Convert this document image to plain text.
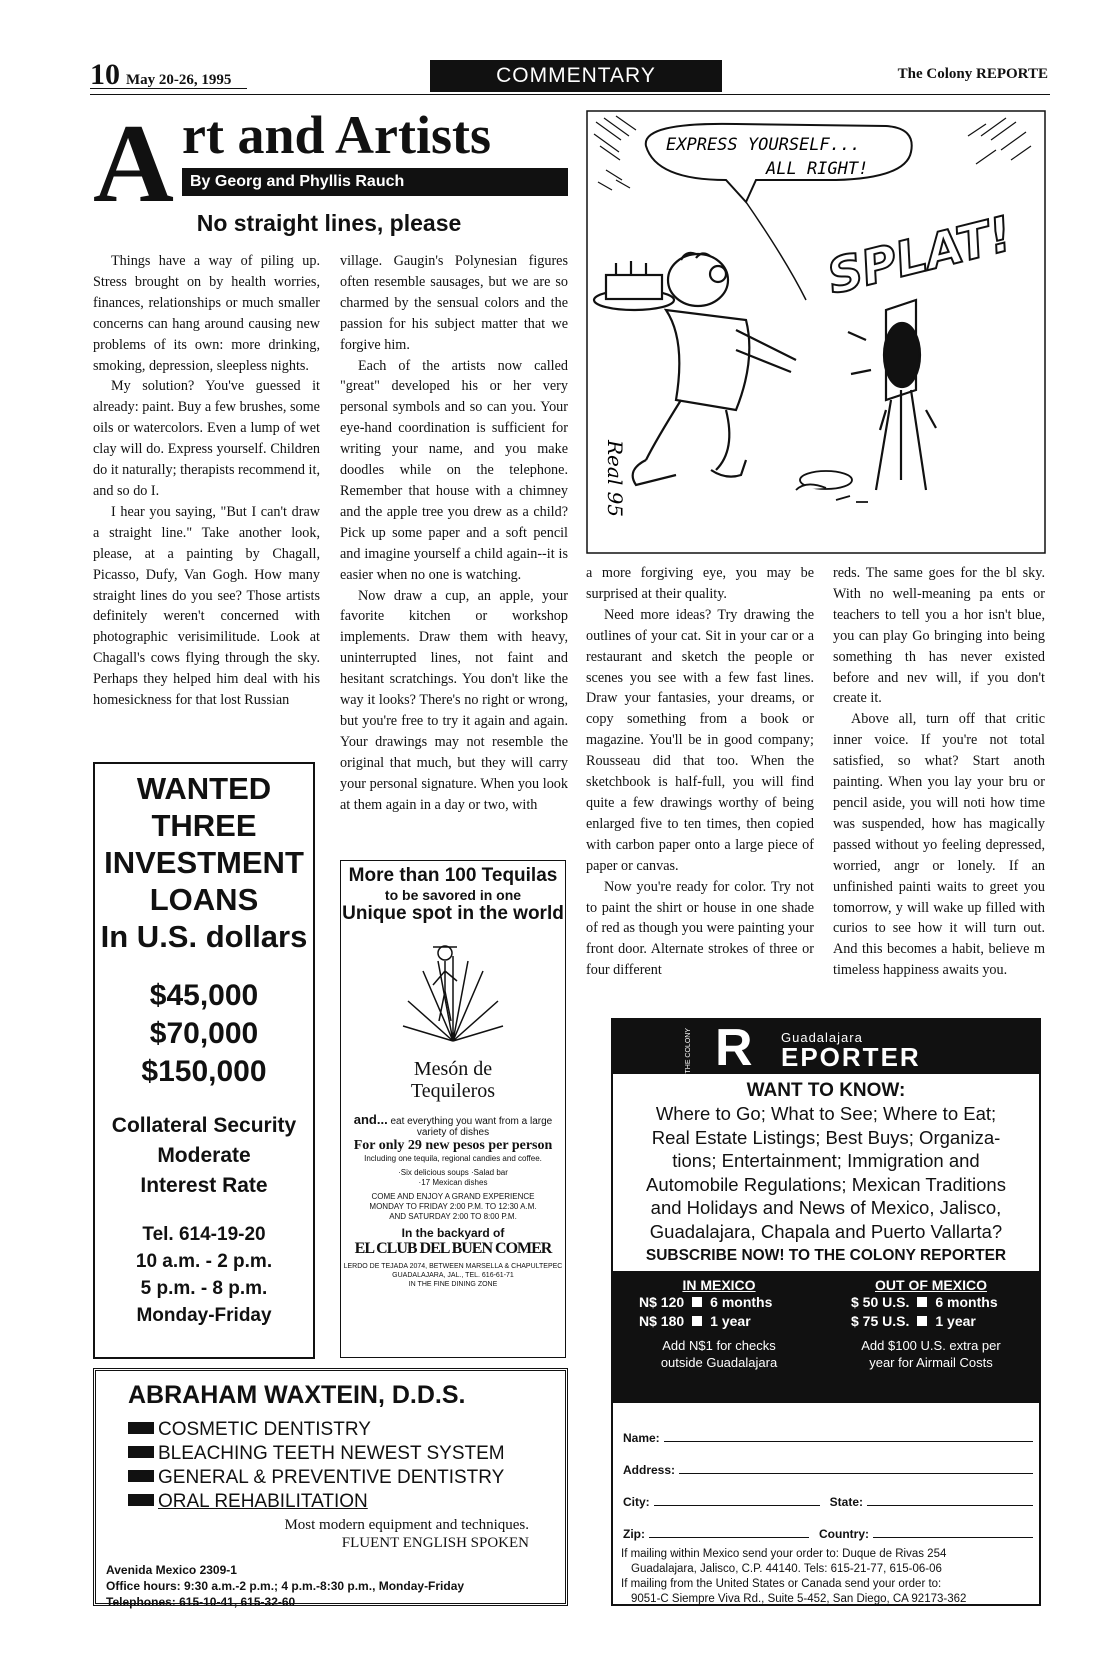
10 May 20-26, 1995	COMMENTARY	The Colony REPORTE
A rt and Artists
By Georg and Phyllis Rauch
No straight lines, please

Things have a way of piling up. Stress brought on by health worries, finances, relationships or much smaller concerns can hang around causing new problems of its own: more drinking, smoking, depression, sleepless nights.

My solution? You've guessed it already: paint. Buy a few brushes, some oils or watercolors. Even a lump of wet clay will do. Express yourself. Children do it naturally; therapists recommend it, and so do I.

I hear you saying, "But I can't draw a straight line." Take another look, please, at a painting by Chagall, Picasso, Dufy, Van Gogh. How many straight lines do you see? Those artists definitely weren't concerned with photographic verisimilitude. Look at Chagall's cows flying through the sky. Perhaps they helped him deal with his homesickness for that lost Russian

village. Gaugin's Polynesian figures often resemble sausages, but we are so charmed by the sensual colors and the passion for his subject matter that we forgive him.

Each of the artists now called "great" developed his or her very personal symbols and so can you. Your eye-hand coordination is sufficient for writing your name, and you make doodles while on the telephone. Remember that house with a chimney and the apple tree you drew as a child? Pick up some paper and a soft pencil and imagine yourself a child again--it is easier when no one is watching.

Now draw a cup, an apple, your favorite kitchen or workshop implements. Draw them with heavy, uninterrupted lines, not faint and hesitant scratchings. You don't like the way it looks? There's no right or wrong, but you're free to try it again and again. Your drawings may not resemble the original that much, but they will carry your personal signature. When you look at them again in a day or two, with

a more forgiving eye, you may be surprised at their quality.

Need more ideas? Try drawing the outlines of your cat. Sit in your car or a restaurant and sketch the people or scenes you see with a few fast lines. Draw your fantasies, your dreams, or copy something from a book or magazine. You'll be in good company; Rousseau did that too. When the sketchbook is half-full, you will find quite a few drawings worthy of being enlarged five to ten times, then copied with carbon paper onto a large piece of paper or canvas.

Now you're ready for color. Try not to paint the shirt or house in one shade of red as though you were painting your front door. Alternate strokes of three or four different

reds. The same goes for the bl sky. With no well-meaning pa ents or teachers to tell you a hor isn't blue, you can play Go bringing into being something th has never existed before and nev will, if you don't create it.

Above all, turn off that critic inner voice. If you're not total satisfied, so what? Start anoth painting. When you lay your bru or pencil aside, you will noti how time was suspended, how has magically passed without yo feeling depressed, worried, angr or lonely. If an unfinished painti waits to greet you tomorrow, y will wake up filled with curios to see how it will turn out. And this becomes a habit, believe m timeless happiness awaits you.

EXPRESS YOURSELF...
ALL RIGHT!
SPLAT!
Real 95
WANTED
THREE
INVESTMENT
LOANS
In U.S. dollars
$45,000
$70,000
$150,000
Collateral Security
Moderate
Interest Rate
Tel. 614-19-20
10 a.m. - 2 p.m.
5 p.m. - 8 p.m.
Monday-Friday
More than 100 Tequilas
to be savored in one
Unique spot in the world
Mesón de
Tequileros
and... eat everything you want from a large variety of dishes
For only 29 new pesos per person
Including one tequila, regional candies and coffee.
·Six delicious soups ·Salad bar
·17 Mexican dishes
COME AND ENJOY A GRAND EXPERIENCE
MONDAY TO FRIDAY 2:00 P.M. TO 12:30 A.M.
AND SATURDAY 2:00 TO 8:00 P.M.
In the backyard of
EL CLUB DEL BUEN COMER
LERDO DE TEJADA 2074, BETWEEN MARSELLA & CHAPULTEPEC
GUADALAJARA, JAL., TEL. 616-61-71
IN THE FINE DINING ZONE
ABRAHAM WAXTEIN, D.D.S.
COSMETIC DENTISTRY
BLEACHING TEETH NEWEST SYSTEM
GENERAL & PREVENTIVE DENTISTRY
ORAL REHABILITATION
Most modern equipment and techniques.
FLUENT ENGLISH SPOKEN
Avenida Mexico 2309-1
Office hours: 9:30 a.m.-2 p.m.; 4 p.m.-8:30 p.m., Monday-Friday
Telephones: 615-10-41, 615-32-60
THE COLONY R Guadalajara
EPORTER
WANT TO KNOW:
Where to Go; What to See; Where to Eat;
Real Estate Listings; Best Buys; Organiza-
tions; Entertainment; Immigration and
Automobile Regulations; Mexican Traditions
and Holidays and News of Mexico, Jalisco,
Guadalajara, Chapala and Puerto Vallarta?
SUBSCRIBE NOW! TO THE COLONY REPORTER
IN MEXICO
N$ 120 6 months
N$ 180 1 year
Add N$1 for checks
outside Guadalajara
OUT OF MEXICO
$ 50 U.S. 6 months
$ 75 U.S. 1 year
Add $100 U.S. extra per
year for Airmail Costs
Name:
Address:
City:	State:
Zip:	Country:
If mailing within Mexico send your order to: Duque de Rivas 254
Guadalajara, Jalisco, C.P. 44140. Tels: 615-21-77, 615-06-06
If mailing from the United States or Canada send your order to:
9051-C Siempre Viva Rd., Suite 5-452, San Diego, CA 92173-362
